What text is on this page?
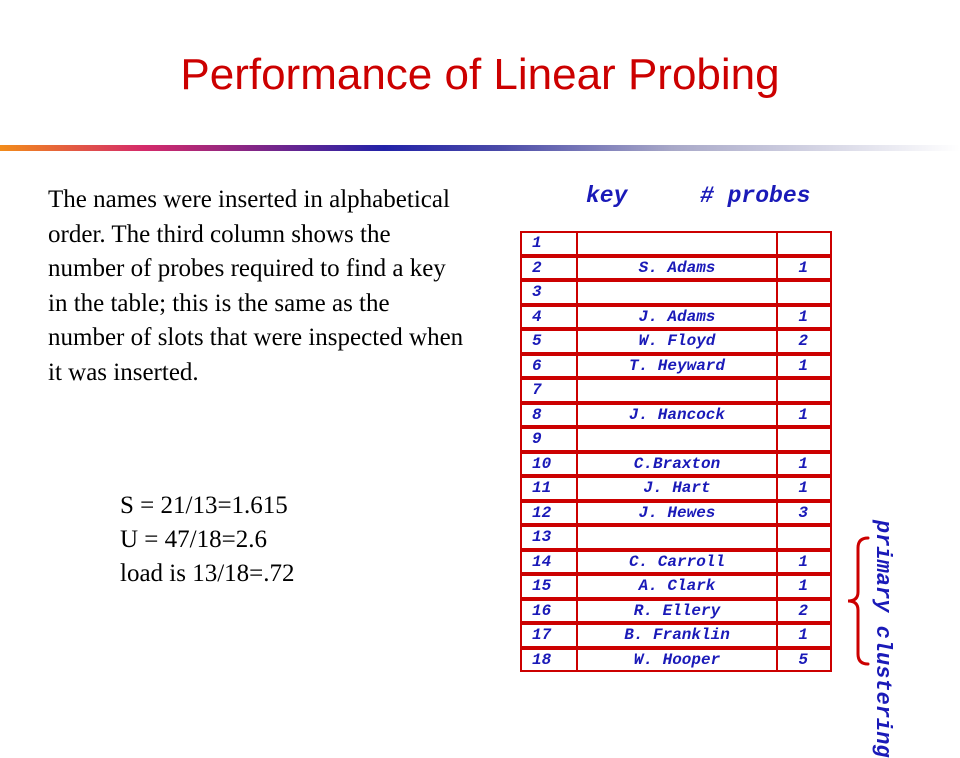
Performance of Linear Probing
The names were inserted in alphabetical order. The third column shows the number of probes required to find a key in the table; this is the same as the number of slots that were inspected when it was inserted.
S = 21/13=1.615
U = 47/18=2.6
load is 13/18=.72
key	# probes
1		
2	S. Adams	1
3		
4	J. Adams	1
5	W. Floyd	2
6	T. Heyward	1
7		
8	J. Hancock	1
9		
10	C.Braxton	1
11	J. Hart	1
12	J. Hewes	3
13		
14	C. Carroll	1
15	A. Clark	1
16	R. Ellery	2
17	B. Franklin	1
18	W. Hooper	5	primary clustering
